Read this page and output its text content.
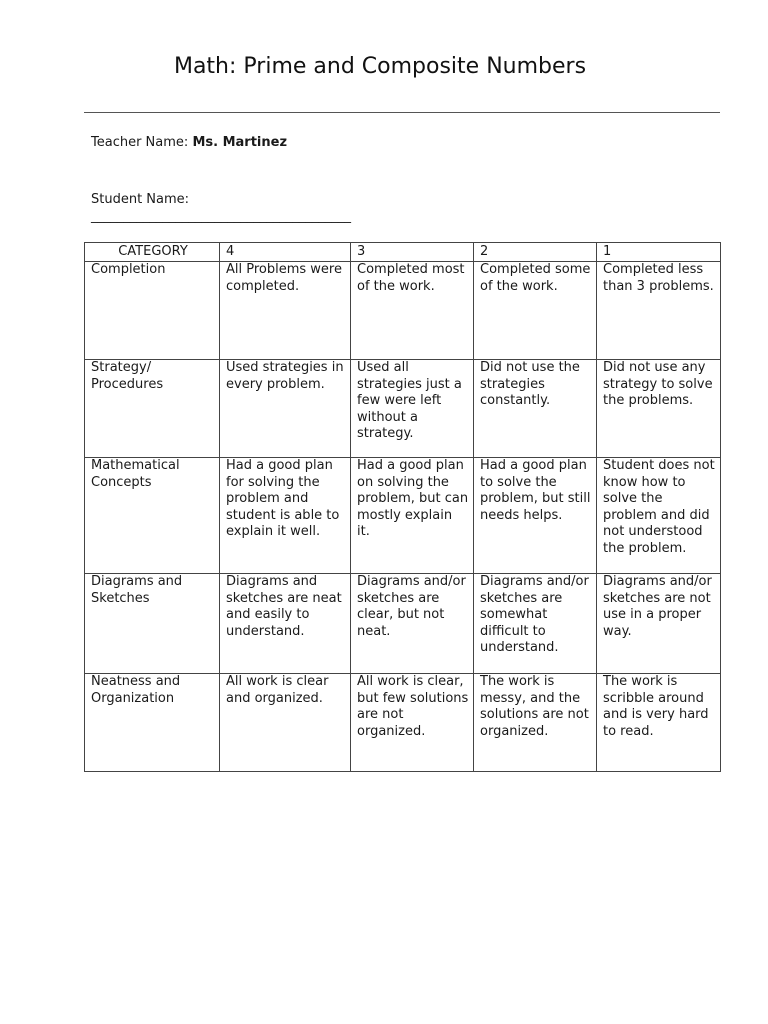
Math: Prime and Composite Numbers
Teacher Name: Ms. Martinez
Student Name:
________________________________________
CATEGORY	4	3	2	1
Completion	All Problems were completed.	Completed most of the work.	Completed some of the work.	Completed less than 3 problems.
Strategy/ Procedures	Used strategies in every problem.	Used all strategies just a few were left without a strategy.	Did not use the strategies constantly.	Did not use any strategy to solve the problems.
Mathematical Concepts	Had a good plan for solving the problem and student is able to explain it well.	Had a good plan on solving the problem, but can mostly explain it.	Had a good plan to solve the problem, but still needs helps.	Student does not know how to solve the problem and did not understood the problem.
Diagrams and Sketches	Diagrams and sketches are neat and easily to understand.	Diagrams and/or sketches are clear, but not neat.	Diagrams and/or sketches are somewhat difficult to understand.	Diagrams and/or sketches are not use in a proper way.
Neatness and Organization	All work is clear and organized.	All work is clear, but few solutions are not organized.	The work is messy, and the solutions are not organized.	The work is scribble around and is very hard to read.
